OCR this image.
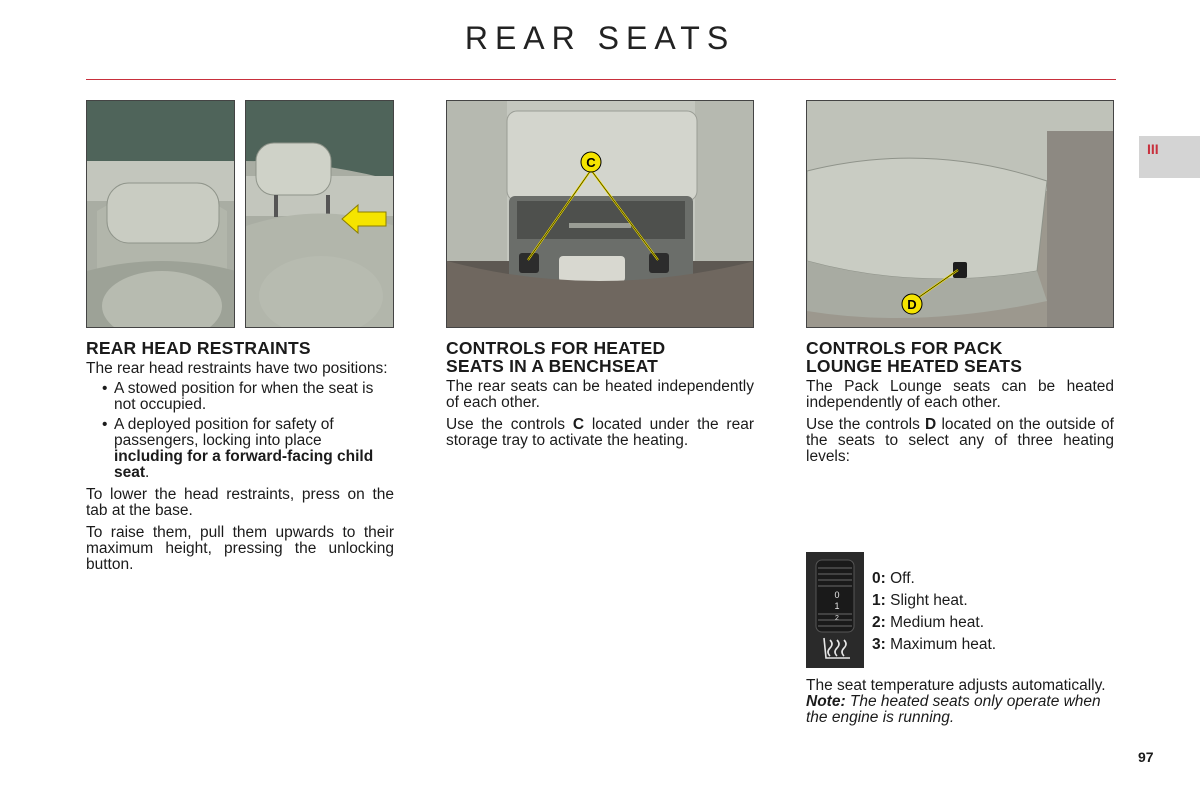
REAR SEATS
III
C
D

REAR HEAD RESTRAINTS

The rear head restraints have two positions:

• A stowed position for when the seat is not occupied.
• A deployed position for safety of passengers, locking into place including for a forward-facing child seat.

To lower the head restraints, press on the tab at the base.

To raise them, pull them upwards to their maximum height, pressing the unlocking button.

CONTROLS FOR HEATED
SEATS IN A BENCHSEAT

The rear seats can be heated independently of each other.

Use the controls C located under the rear storage tray to activate the heating.

CONTROLS FOR PACK
LOUNGE HEATED SEATS

The Pack Lounge seats can be heated independently of each other.

Use the controls D located on the outside of the seats to select any of three heating levels:

0
1
2
0: Off.
1: Slight heat.
2: Medium heat.
3: Maximum heat.

The seat temperature adjusts automatically.

Note: The heated seats only operate when the engine is running.

97
